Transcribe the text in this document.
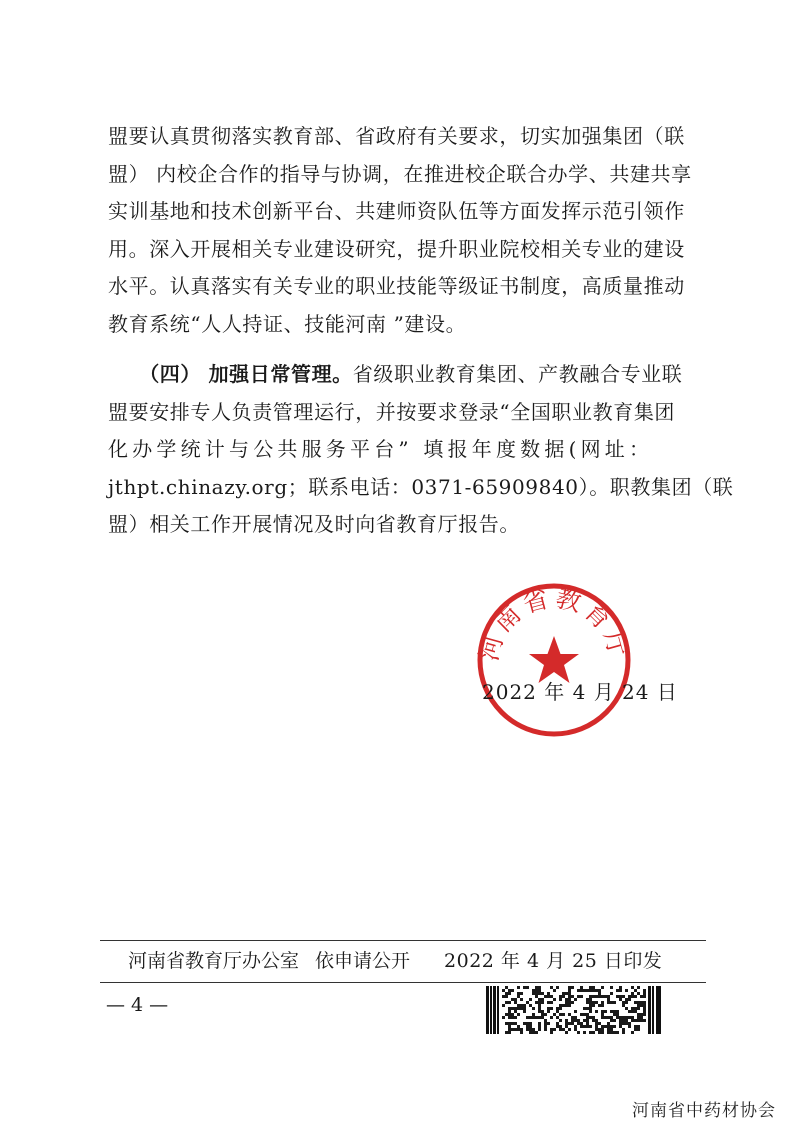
盟要认真贯彻落实教育部、省政府有关要求，切实加强集团（联
盟） 内校企合作的指导与协调，在推进校企联合办学、共建共享
实训基地和技术创新平台、共建师资队伍等方面发挥示范引领作
用。深入开展相关专业建设研究，提升职业院校相关专业的建设
水平。认真落实有关专业的职业技能等级证书制度，高质量推动
教育系统“人人持证、技能河南 ”建设。
　　（四） 加强日常管理。省级职业教育集团、产教融合专业联
盟要安排专人负责管理运行，并按要求登录“全国职业教育集团
化办学统计与公共服务平台” 填报年度数据(网址：
jthpt.chinazy.org；联系电话：0371-65909840）。职教集团（联
盟）相关工作开展情况及时向省教育厅报告。
河南省教育厅
2022 年 4 月 24 日
河南省教育厅办公室 依申请公开 2022 年 4 月 25 日印发
— 4 —
河南省中药材协会
